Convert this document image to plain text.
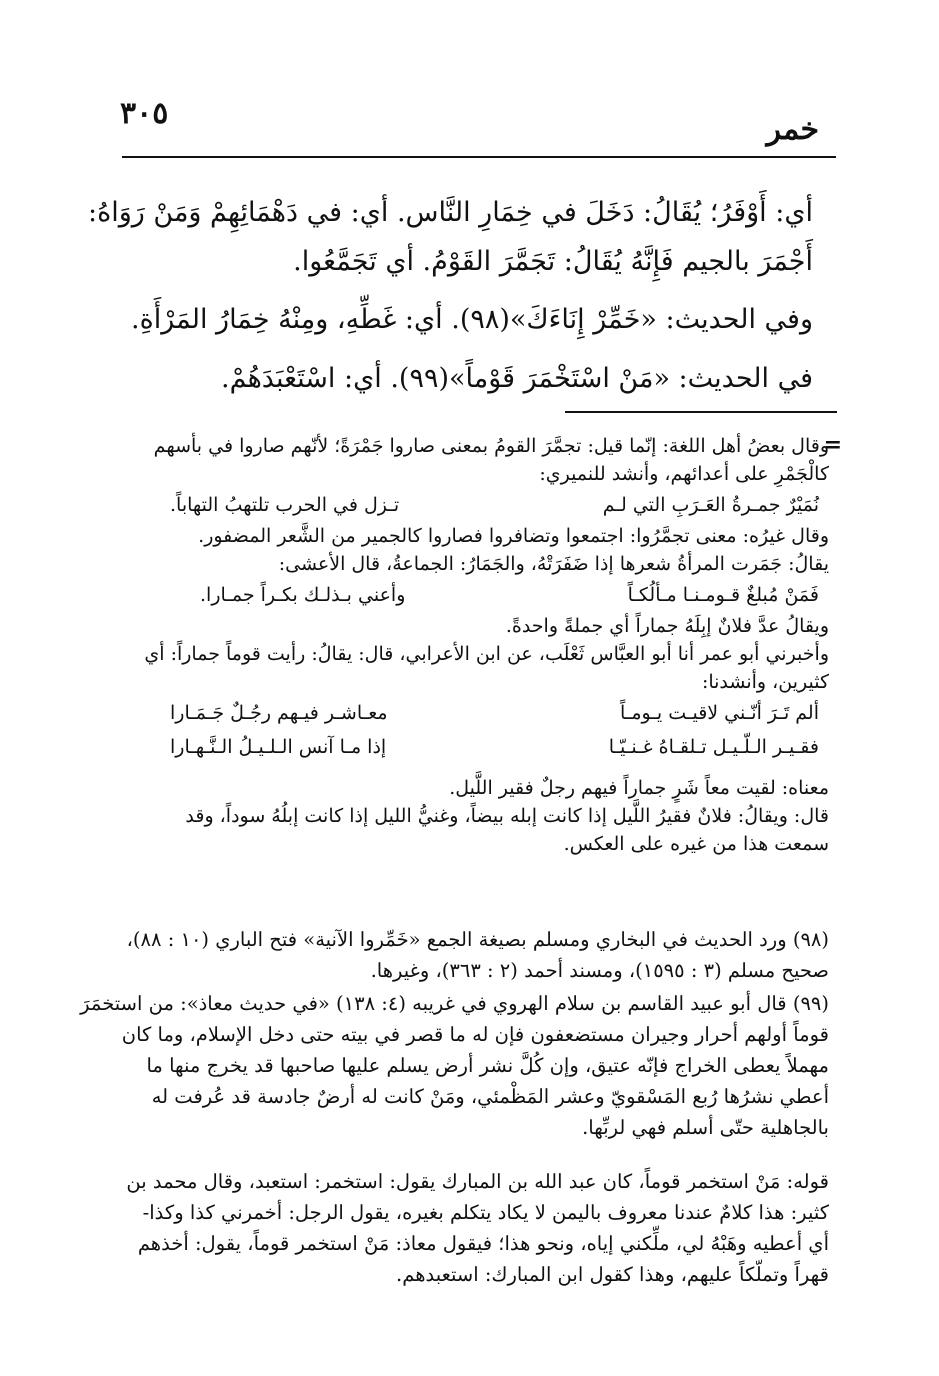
٣٠٥	خمر
أي: أَوْفَرُ؛ يُقَالُ: دَخَلَ في خِمَارِ النَّاس. أي: في دَهْمَائِهِمْ وَمَنْ رَوَاهُ:
أَجْمَرَ بالجيم فَإِنَّهُ يُقَالُ: تَجَمَّرَ القَوْمُ. أي تَجَمَّعُوا.
وفي الحديث: «خَمِّرْ إِنَاءَكَ»(٩٨). أي: غَطِّهِ، ومِنْهُ خِمَارُ المَرْأَةِ.
في الحديث: «مَنْ اسْتَخْمَرَ قَوْماً»(٩٩). أي: اسْتَعْبَدَهُمْ.
=
وقال بعضُ أهل اللغة: إنّما قيل: تجمَّرَ القومُ بمعنى صاروا جَمْرَةً؛ لأنّهم صاروا في بأسهم
كالْجَمْرِ على أعدائهم، وأنشد للنميري:
نُمَيْرٌ جمـرةُ العَـرَبِ التي لـم
تـزل في الحرب تلتهبُ التهاباً.
وقال غيرُه: معنى تجمَّرُوا: اجتمعوا وتضافروا فصاروا كالجمير من الشَّعر المضفور.
يقالُ: جَمَرت المرأةُ شعرها إذا ضَفَرَتْهُ، والجَمَارُ: الجماعةُ، قال الأعشى:
فَمَنْ مُبلغٌ قـومـنـا مـألُكـاً
وأعني بـذلـك بكـراً جمـارا.
ويقالُ عدَّ فلانٌ إبِلَهُ جماراً أي جملةً واحدةً.
وأخبرني أبو عمر أنا أبو العبَّاس ثَعْلَب، عن ابن الأعرابي، قال: يقالُ: رأيت قوماً جماراً: أي
كثيرين، وأنشدنا:
ألم تَـرَ أنّـني لاقيـت يـومـاً
معـاشـر فيـهم رجُـلٌ جَـمَـارا
فقـيـر الـلّـيـل تـلقـاهُ غـنـيّـا
إذا مـا آنس الـلـيـلُ الـنَّـهـارا
معناه: لقيت معاً شَرٍ جماراً فيهم رجلٌ فقير اللَّيل.
قال: ويقالُ: فلانٌ فقيرُ اللَّيل إذا كانت إبله بيضاً، وغنيُّ الليل إذا كانت إبلُهُ سوداً، وقد
سمعت هذا من غيره على العكس.
(٩٨) ورد الحديث في البخاري ومسلم بصيغة الجمع «خَمِّروا الآنية» فتح الباري (١٠ : ٨٨)،
صحيح مسلم (٣ : ١٥٩٥)، ومسند أحمد (٢ : ٣٦٣)، وغيرها.
(٩٩) قال أبو عبيد القاسم بن سلام الهروي في غريبه (٤: ١٣٨) «في حديث معاذ»: من استخمَرَ
قوماً أولهم أحرار وجيران مستضعفون فإن له ما قصر في بيته حتى دخل الإسلام، وما كان
مهملاً يعطى الخراج فإنّه عتيق، وإن كُلَّ نشر أرض يسلم عليها صاحبها قد يخرج منها ما
أعطي نشرُها رُبع المَسْقويّ وعشر المَظْمئي، ومَنْ كانت له أرضٌ جادسة قد عُرفت له
بالجاهلية حتّى أسلم فهي لربِّها.
قوله: مَنْ استخمر قوماً، كان عبد الله بن المبارك يقول: استخمر: استعبد، وقال محمد بن
كثير: هذا كلامٌ عندنا معروف باليمن لا يكاد يتكلم بغيره، يقول الرجل: أخمرني كذا وكذا-
أي أعطيه وهَبْهُ لي، ملِّكني إياه، ونحو هذا؛ فيقول معاذ: مَنْ استخمر قوماً، يقول: أخذهم
قهراً وتملّكاً عليهم، وهذا كقول ابن المبارك: استعبدهم.
